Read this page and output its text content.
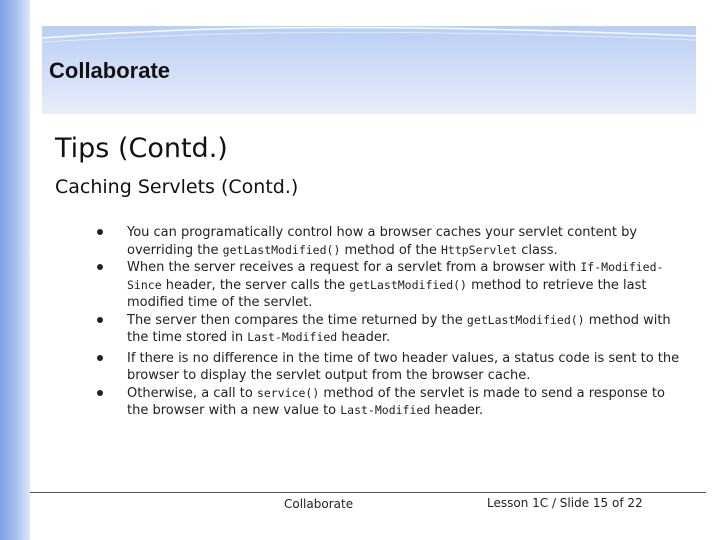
Collaborate
Tips (Contd.)
Caching Servlets (Contd.)
You can programatically control how a browser caches your servlet content by overriding the getLastModified() method of the HttpServlet class.
When the server receives a request for a servlet from a browser with If-Modified-Since header, the server calls the getLastModified() method to retrieve the last modified time of the servlet.
The server then compares the time returned by the getLastModified() method with the time stored in Last-Modified header.
If there is no difference in the time of two header values, a status code is sent to the browser to display the servlet output from the browser cache.
Otherwise, a call to service() method of the servlet is made to send a response to the browser with a new value to Last-Modified header.
Collaborate	Lesson 1C / Slide 15 of 22
